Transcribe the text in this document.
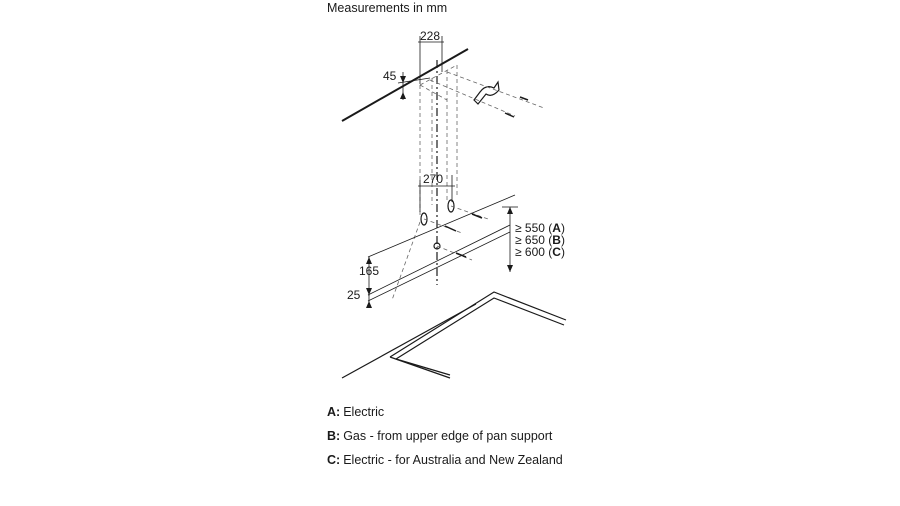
Measurements in mm
228
45
270
165
25
≥ 550 (A)
≥ 650 (B)
≥ 600 (C)
A: Electric
B: Gas - from upper edge of pan support
C: Electric - for Australia and New Zealand
